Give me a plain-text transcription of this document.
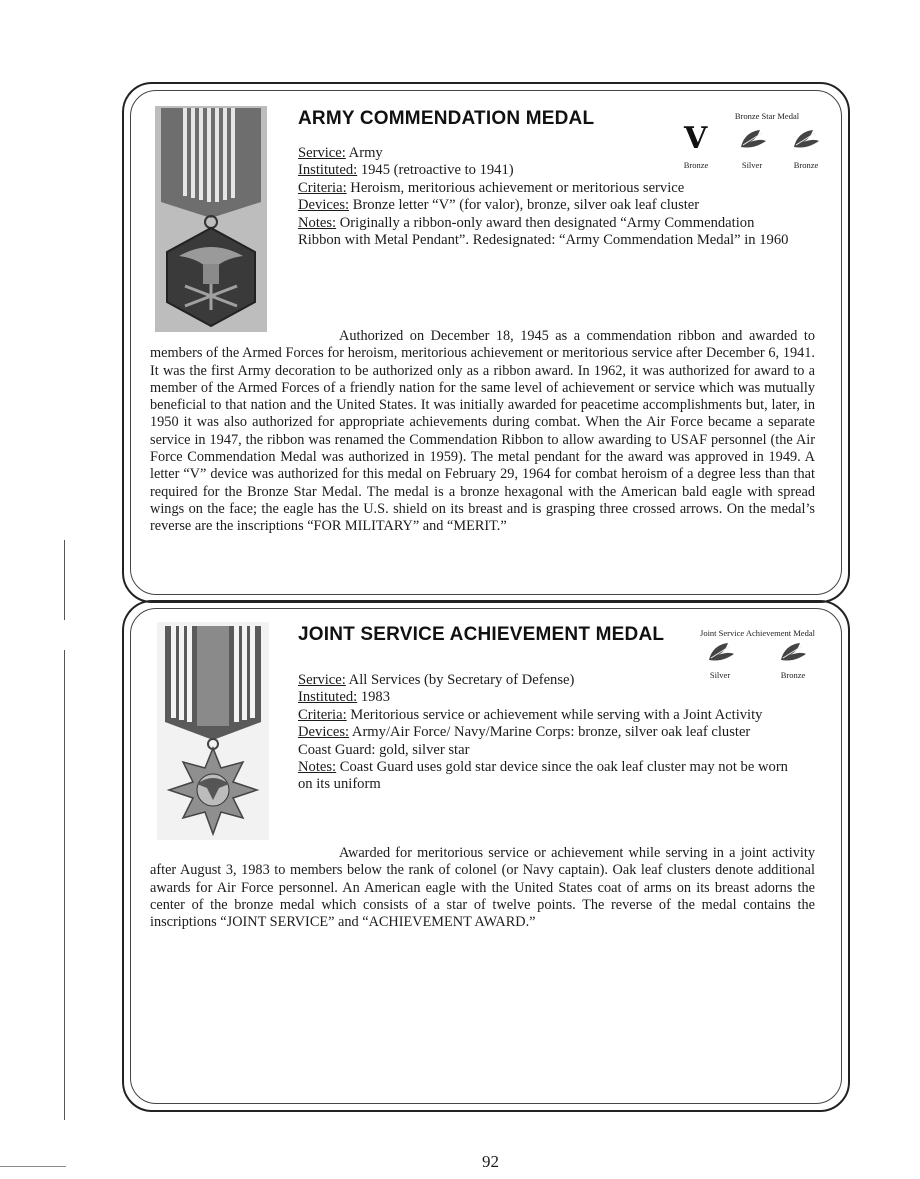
ARMY COMMENDATION MEDAL	Bronze Star Medal
V
Bronze	Silver	Bronze
Service: Army
Instituted: 1945 (retroactive to 1941)
Criteria: Heroism, meritorious achievement or meritorious service
Devices: Bronze letter “V” (for valor), bronze, silver oak leaf cluster
Notes: Originally a ribbon-only award then designated “Army Commendation Ribbon with Metal Pendant”. Redesignated: “Army Commendation Medal” in 1960
Authorized on December 18, 1945 as a commendation ribbon and awarded to members of the Armed Forces for heroism, meritorious achievement or meritorious service after December 6, 1941. It was the first Army decoration to be authorized only as a ribbon award. In 1962, it was authorized for award to a member of the Armed Forces of a friendly nation for the same level of achievement or service which was mutually beneficial to that nation and the United States. It was initially awarded for peacetime accomplishments but, later, in 1950 it was also authorized for appropriate achievements during combat. When the Air Force became a separate service in 1947, the ribbon was renamed the Commendation Ribbon to allow awarding to USAF personnel (the Air Force Commendation Medal was authorized in 1959). The metal pendant for the award was approved in 1949. A letter “V” device was authorized for this medal on February 29, 1964 for combat heroism of a degree less than that required for the Bronze Star Medal. The medal is a bronze hexagonal with the American bald eagle with spread wings on the face; the eagle has the U.S. shield on its breast and is grasping three crossed arrows. On the medal’s reverse are the inscriptions “FOR MILITARY” and “MERIT.”
JOINT SERVICE ACHIEVEMENT MEDAL	Joint Service Achievement Medal
Silver	Bronze
Service: All Services (by Secretary of Defense)
Instituted: 1983
Criteria: Meritorious service or achievement while serving with a Joint Activity
Devices: Army/Air Force/ Navy/Marine Corps: bronze, silver oak leaf cluster
Coast Guard: gold, silver star
Notes: Coast Guard uses gold star device since the oak leaf cluster may not be worn on its uniform
Awarded for meritorious service or achievement while serving in a joint activity after August 3, 1983 to members below the rank of colonel (or Navy captain). Oak leaf clusters denote additional awards for Air Force personnel. An American eagle with the United States coat of arms on its breast adorns the center of the bronze medal which consists of a star of twelve points. The reverse of the medal contains the inscriptions “JOINT SERVICE” and “ACHIEVEMENT AWARD.”
92
